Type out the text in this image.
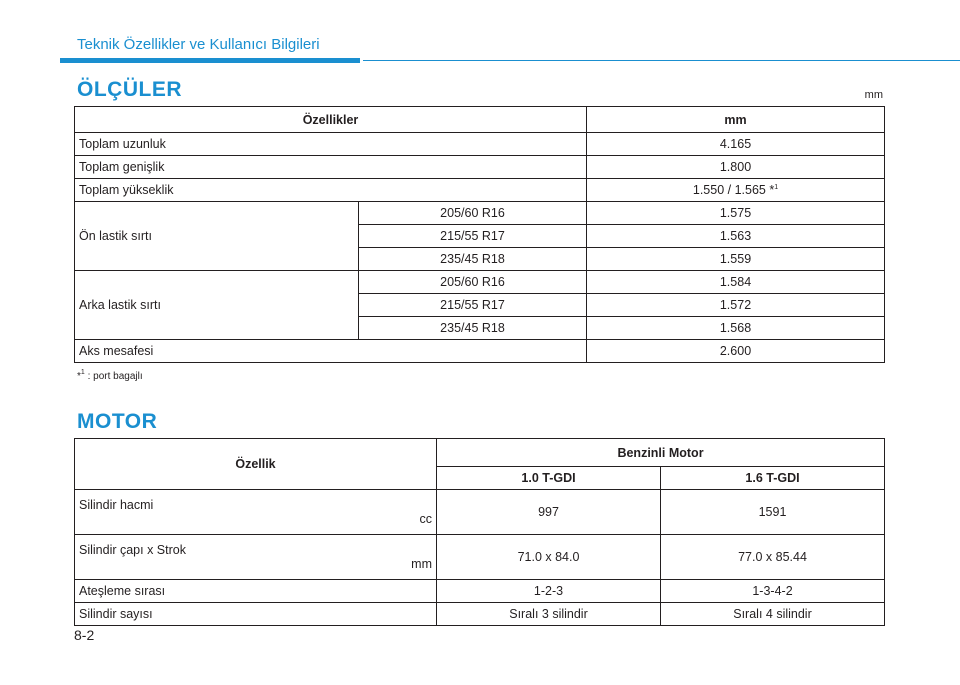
Teknik Özellikler ve Kullanıcı Bilgileri
ÖLÇÜLER	mm
Özellikler		mm
Toplam uzunluk		4.165
Toplam genişlik		1.800
Toplam yükseklik		1.550 / 1.565 *$^1$
Ön lastik sırtı	205/60 R16	1.575
	215/55 R17	1.563
	235/45 R18	1.559
Arka lastik sırtı	205/60 R16	1.584
	215/55 R17	1.572
	235/45 R18	1.568
Aks mesafesi		2.600
*$^1$ : port bagajlı
MOTOR
Özellik	Benzinli Motor	
	1.0 T-GDI	1.6 T-GDI
Silindir hacmi
cc	997	1591
Silindir çapı x Strok
mm	71.0 x 84.0	77.0 x 85.44
Ateşleme sırası	1-2-3	1-3-4-2
Silindir sayısı	Sıralı 3 silindir	Sıralı 4 silindir
8-2
